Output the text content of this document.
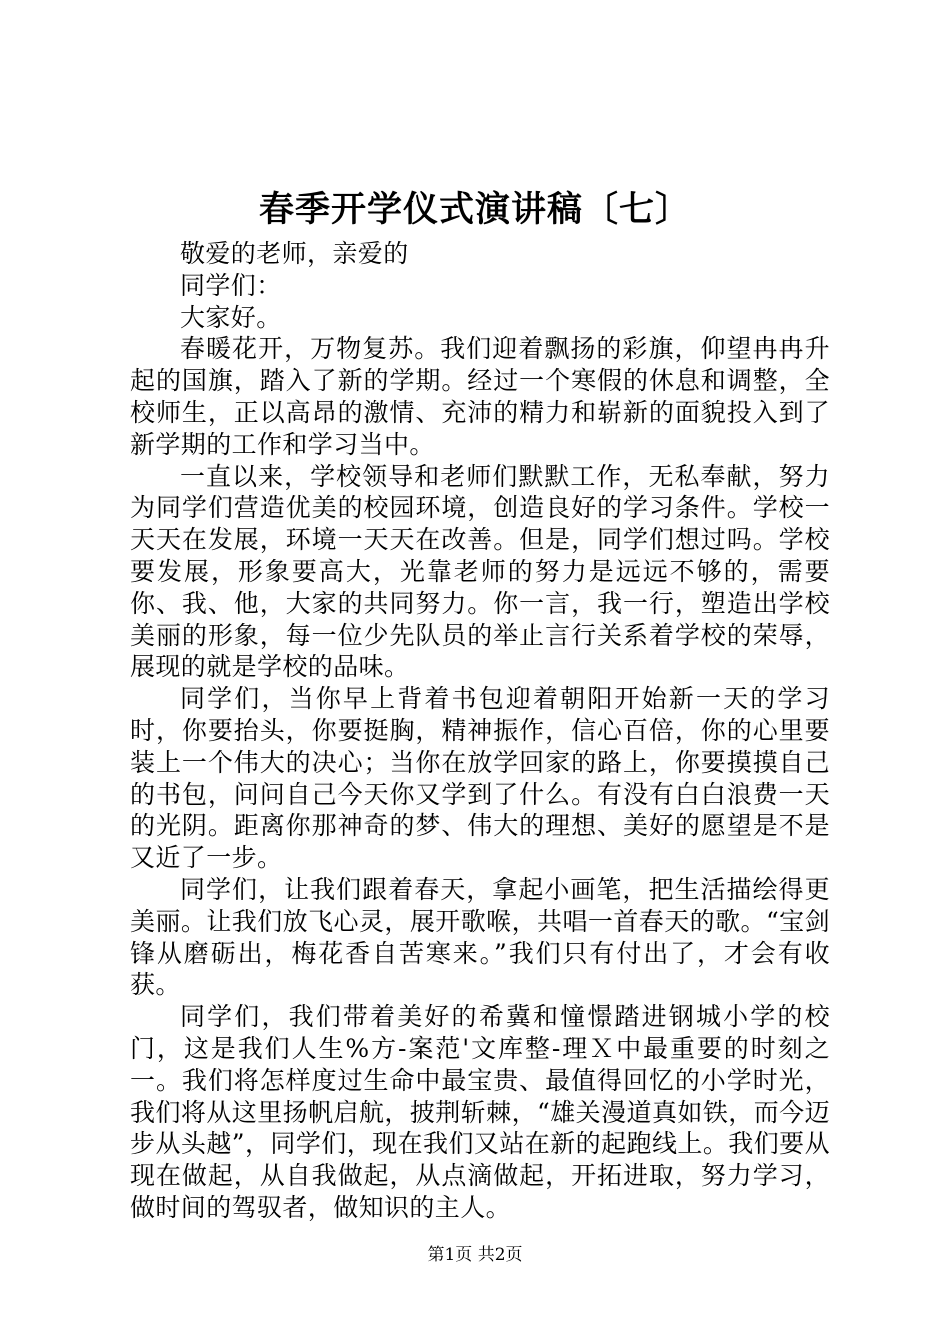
春季开学仪式演讲稿〔七〕

敬爱的老师，亲爱的

同学们：

大家好。

春暖花开，万物复苏。我们迎着飘扬的彩旗，仰望冉冉升起的国旗，踏入了新的学期。经过一个寒假的休息和调整，全校师生，正以高昂的激情、充沛的精力和崭新的面貌投入到了新学期的工作和学习当中。

一直以来，学校领导和老师们默默工作，无私奉献，努力为同学们营造优美的校园环境，创造良好的学习条件。学校一天天在发展，环境一天天在改善。但是，同学们想过吗。学校要发展，形象要高大，光靠老师的努力是远远不够的，需要你、我、他，大家的共同努力。你一言，我一行，塑造出学校美丽的形象，每一位少先队员的举止言行关系着学校的荣辱，展现的就是学校的品味。

同学们，当你早上背着书包迎着朝阳开始新一天的学习时，你要抬头，你要挺胸，精神振作，信心百倍，你的心里要装上一个伟大的决心；当你在放学回家的路上，你要摸摸自己的书包，问问自己今天你又学到了什么。有没有白白浪费一天的光阴。距离你那神奇的梦、伟大的理想、美好的愿望是不是又近了一步。

同学们，让我们跟着春天，拿起小画笔，把生活描绘得更美丽。让我们放飞心灵，展开歌喉，共唱一首春天的歌。“宝剑锋从磨砺出，梅花香自苦寒来。”我们只有付出了，才会有收获。

同学们，我们带着美好的希冀和憧憬踏进钢城小学的校门，这是我们人生%方-案范'文库整-理Ｘ中最重要的时刻之一。我们将怎样度过生命中最宝贵、最值得回忆的小学时光，我们将从这里扬帆启航，披荆斩棘，“雄关漫道真如铁，而今迈步从头越”，同学们，现在我们又站在新的起跑线上。我们要从现在做起，从自我做起，从点滴做起，开拓进取，努力学习，做时间的驾驭者，做知识的主人。

第1页 共2页
